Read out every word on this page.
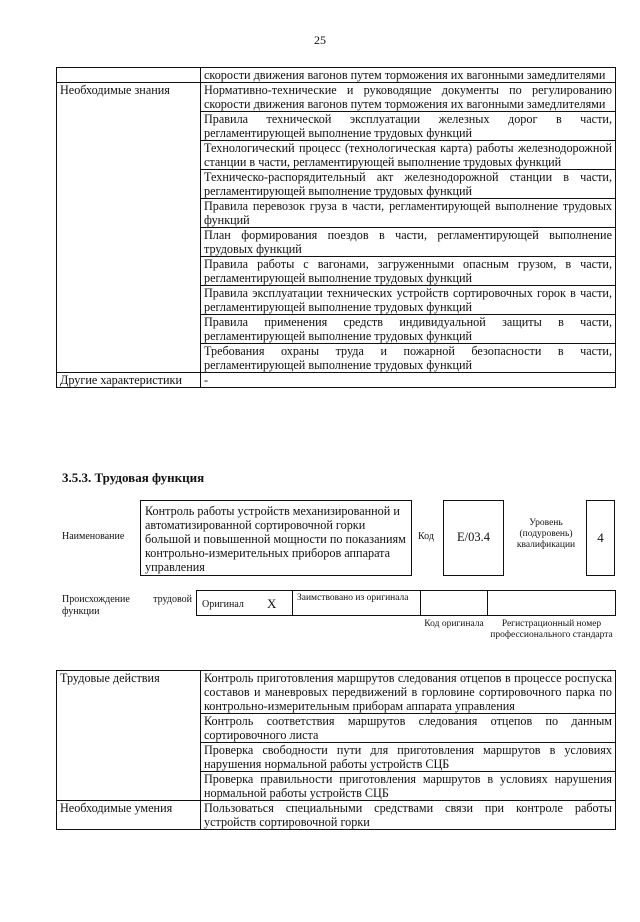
25
	скорости движения вагонов путем торможения их вагонными замедлителями
Необходимые знания	Нормативно-технические и руководящие документы по регулированию скорости движения вагонов путем торможения их вагонными замедлителями
	Правила технической эксплуатации железных дорог в части, регламентирующей выполнение трудовых функций
	Технологический процесс (технологическая карта) работы железнодорожной станции в части, регламентирующей выполнение трудовых функций
	Техническо-распорядительный акт железнодорожной станции в части, регламентирующей выполнение трудовых функций
	Правила перевозок груза в части, регламентирующей выполнение трудовых функций
	План формирования поездов в части, регламентирующей выполнение трудовых функций
	Правила работы с вагонами, загруженными опасным грузом, в части, регламентирующей выполнение трудовых функций
	Правила эксплуатации технических устройств сортировочных горок в части, регламентирующей выполнение трудовых функций
	Правила применения средств индивидуальной защиты в части, регламентирующей выполнение трудовых функций
	Требования охраны труда и пожарной безопасности в части, регламентирующей выполнение трудовых функций
Другие характеристики	-
3.5.3. Трудовая функция
Наименование
Контроль работы устройств механизированной и автоматизированной сортировочной горки большой и повышенной мощности по показаниям контрольно-измерительных приборов аппарата управления
Код	E/03.4
Уровень (подуровень) квалификации	4
Происхождение трудовой функции
Оригинал X	Заимствовано из оригинала
Код оригинала	Регистрационный номер профессионального стандарта
Трудовые действия	Контроль приготовления маршрутов следования отцепов в процессе роспуска составов и маневровых передвижений в горловине сортировочного парка по контрольно-измерительным приборам аппарата управления
	Контроль соответствия маршрутов следования отцепов по данным сортировочного листа
	Проверка свободности пути для приготовления маршрутов в условиях нарушения нормальной работы устройств СЦБ
	Проверка правильности приготовления маршрутов в условиях нарушения нормальной работы устройств СЦБ
Необходимые умения	Пользоваться специальными средствами связи при контроле работы устройств сортировочной горки
